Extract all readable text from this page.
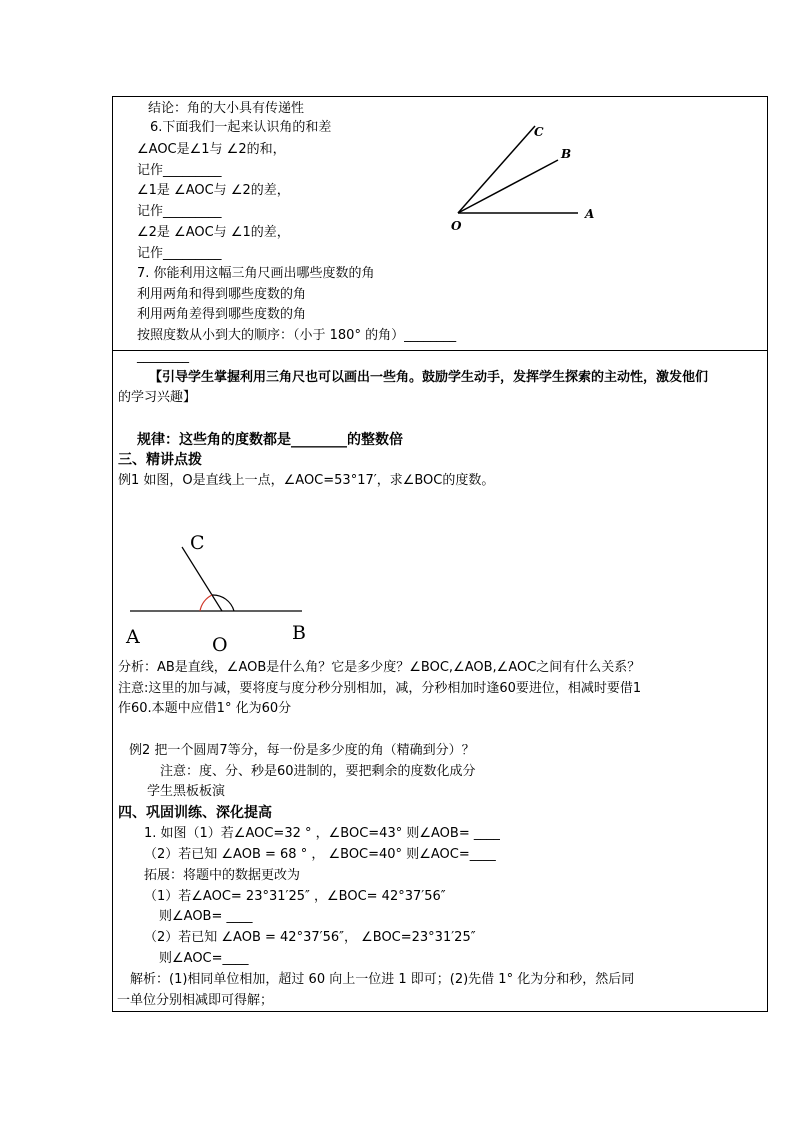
结论：角的大小具有传递性
6.下面我们一起来认识角的和差
∠AOC是∠1与 ∠2的和，
记作_________
∠1是 ∠AOC与 ∠2的差，
记作_________
∠2是 ∠AOC与 ∠1的差，
记作_________
7. 你能利用这幅三角尺画出哪些度数的角
利用两角和得到哪些度数的角
利用两角差得到哪些度数的角
按照度数从小到大的顺序：（小于 180° 的角）________
________
C
B
A
O
【引导学生掌握利用三角尺也可以画出一些角。鼓励学生动手，发挥学生探索的主动性，激发他们
的学习兴趣】
规律：这些角的度数都是________的整数倍
三、精讲点拨
例1 如图，O是直线上一点，∠AOC=53°17′，求∠BOC的度数。
C
A	O
B
分析：AB是直线，∠AOB是什么角？它是多少度？∠BOC,∠AOB,∠AOC之间有什么关系？
注意:这里的加与减，要将度与度分秒分别相加，减，分秒相加时逢60要进位，相减时要借1
作60.本题中应借1° 化为60分
例2 把一个圆周7等分，每一份是多少度的角（精确到分）？
注意：度、分、秒是60进制的，要把剩余的度数化成分
学生黑板板演
四、巩固训练、深化提高
1. 如图（1）若∠AOC=32 ° ，∠BOC=43° 则∠AOB= ____
（2）若已知 ∠AOB = 68 ° ， ∠BOC=40° 则∠AOC=____
拓展：将题中的数据更改为
（1）若∠AOC= 23°31′25″ ，∠BOC= 42°37′56″
则∠AOB= ____
（2）若已知 ∠AOB = 42°37′56″， ∠BOC=23°31′25″
则∠AOC=____
解析：(1)相同单位相加，超过 60 向上一位进 1 即可；(2)先借 1° 化为分和秒，然后同
一单位分别相减即可得解；
